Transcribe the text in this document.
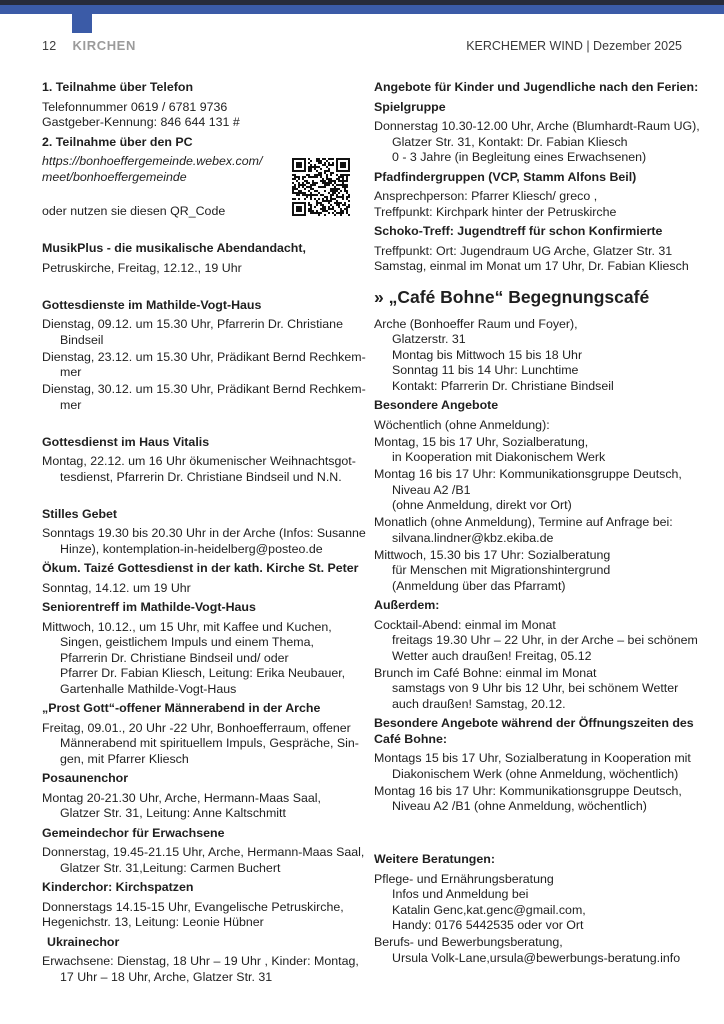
12 KIRCHEN	KERCHEMER WIND | Dezember 2025
1. Teilnahme über Telefon
Telefonnummer 0619 / 6781 9736
Gastgeber-Kennung: 846 644 131 #
2. Teilnahme über den PC
https://bonhoeffergemeinde.webex.com/
meet/bonhoeffergemeinde
oder nutzen sie diesen QR_Code
MusikPlus - die musikalische Abendandacht,
Petruskirche, Freitag, 12.12., 19 Uhr
Gottesdienste im Mathilde-Vogt-Haus
Dienstag, 09.12. um 15.30 Uhr, Pfarrerin Dr. Christiane
Bindseil
Dienstag, 23.12. um 15.30 Uhr, Prädikant Bernd Rechkem-
mer
Dienstag, 30.12. um 15.30 Uhr, Prädikant Bernd Rechkem-
mer
Gottesdienst im Haus Vitalis
Montag, 22.12. um 16 Uhr ökumenischer Weihnachtsgot-
tesdienst, Pfarrerin Dr. Christiane Bindseil und N.N.
Stilles Gebet
Sonntags 19.30 bis 20.30 Uhr in der Arche (Infos: Susanne
Hinze), kontemplation-in-heidelberg@posteo.de
Ökum. Taizé Gottesdienst in der kath. Kirche St. Peter
Sonntag, 14.12. um 19 Uhr
Seniorentreff im Mathilde-Vogt-Haus
Mittwoch, 10.12., um 15 Uhr, mit Kaffee und Kuchen,
Singen, geistlichem Impuls und einem Thema,
Pfarrerin Dr. Christiane Bindseil und/ oder
Pfarrer Dr. Fabian Kliesch, Leitung: Erika Neubauer,
Gartenhalle Mathilde-Vogt-Haus
„Prost Gott“-offener Männerabend in der Arche
Freitag, 09.01., 20 Uhr -22 Uhr, Bonhoefferraum, offener
Männerabend mit spirituellem Impuls, Gespräche, Sin-
gen, mit Pfarrer Kliesch
Posaunenchor
Montag 20-21.30 Uhr, Arche, Hermann-Maas Saal,
Glatzer Str. 31, Leitung: Anne Kaltschmitt
Gemeindechor für Erwachsene
Donnerstag, 19.45-21.15 Uhr, Arche, Hermann-Maas Saal,
Glatzer Str. 31,Leitung: Carmen Buchert
Kinderchor: Kirchspatzen
Donnerstags 14.15-15 Uhr, Evangelische Petruskirche,
Hegenichstr. 13, Leitung: Leonie Hübner
Ukrainechor
Erwachsene: Dienstag, 18 Uhr – 19 Uhr , Kinder: Montag,
17 Uhr – 18 Uhr, Arche, Glatzer Str. 31
Angebote für Kinder und Jugendliche nach den Ferien:
Spielgruppe
Donnerstag 10.30-12.00 Uhr, Arche (Blumhardt-Raum UG),
Glatzer Str. 31, Kontakt: Dr. Fabian Kliesch
0 - 3 Jahre (in Begleitung eines Erwachsenen)
Pfadfindergruppen (VCP, Stamm Alfons Beil)
Ansprechperson: Pfarrer Kliesch/ greco ,
Treffpunkt: Kirchpark hinter der Petruskirche
Schoko-Treff: Jugendtreff für schon Konfirmierte
Treffpunkt: Ort: Jugendraum UG Arche, Glatzer Str. 31
Samstag, einmal im Monat um 17 Uhr, Dr. Fabian Kliesch
» „Café Bohne“ Begegnungscafé
Arche (Bonhoeffer Raum und Foyer),
Glatzerstr. 31
Montag bis Mittwoch 15 bis 18 Uhr
Sonntag 11 bis 14 Uhr: Lunchtime
Kontakt: Pfarrerin Dr. Christiane Bindseil
Besondere Angebote
Wöchentlich (ohne Anmeldung):
Montag, 15 bis 17 Uhr, Sozialberatung,
in Kooperation mit Diakonischem Werk
Montag 16 bis 17 Uhr: Kommunikationsgruppe Deutsch,
Niveau A2 /B1
(ohne Anmeldung, direkt vor Ort)
Monatlich (ohne Anmeldung), Termine auf Anfrage bei:
silvana.lindner@kbz.ekiba.de
Mittwoch, 15.30 bis 17 Uhr: Sozialberatung
für Menschen mit Migrationshintergrund
(Anmeldung über das Pfarramt)
Außerdem:
Cocktail-Abend: einmal im Monat
freitags 19.30 Uhr – 22 Uhr, in der Arche – bei schönem
Wetter auch draußen! Freitag, 05.12
Brunch im Café Bohne: einmal im Monat
samstags von 9 Uhr bis 12 Uhr, bei schönem Wetter
auch draußen! Samstag, 20.12.
Besondere Angebote während der Öffnungszeiten des
Café Bohne:
Montags 15 bis 17 Uhr, Sozialberatung in Kooperation mit
Diakonischem Werk (ohne Anmeldung, wöchentlich)
Montag 16 bis 17 Uhr: Kommunikationsgruppe Deutsch,
Niveau A2 /B1 (ohne Anmeldung, wöchentlich)
Weitere Beratungen:
Pflege- und Ernährungsberatung
Infos und Anmeldung bei
Katalin Genc,kat.genc@gmail.com,
Handy: 0176 5442535 oder vor Ort
Berufs- und Bewerbungsberatung,
Ursula Volk-Lane,ursula@bewerbungs-beratung.info
